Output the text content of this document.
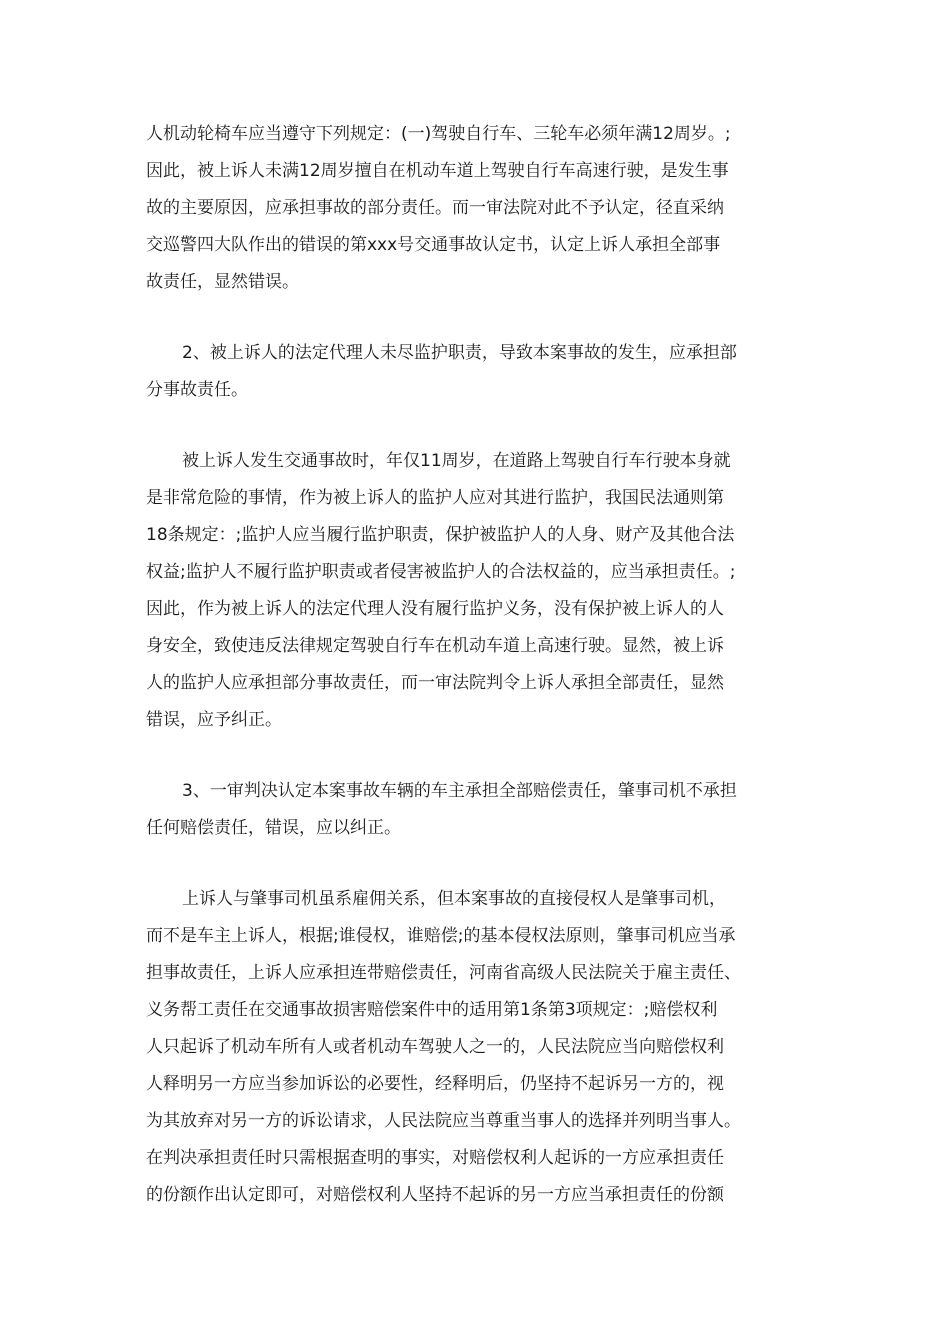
人机动轮椅车应当遵守下列规定：(一)驾驶自行车、三轮车必须年满12周岁。;
因此，被上诉人未满12周岁擅自在机动车道上驾驶自行车高速行驶，是发生事
故的主要原因，应承担事故的部分责任。而一审法院对此不予认定，径直采纳
交巡警四大队作出的错误的第xxx号交通事故认定书，认定上诉人承担全部事
故责任，显然错误。
2、被上诉人的法定代理人未尽监护职责，导致本案事故的发生，应承担部
分事故责任。
被上诉人发生交通事故时，年仅11周岁，在道路上驾驶自行车行驶本身就
是非常危险的事情，作为被上诉人的监护人应对其进行监护，我国民法通则第
18条规定：;监护人应当履行监护职责，保护被监护人的人身、财产及其他合法
权益;监护人不履行监护职责或者侵害被监护人的合法权益的，应当承担责任。;
因此，作为被上诉人的法定代理人没有履行监护义务，没有保护被上诉人的人
身安全，致使违反法律规定驾驶自行车在机动车道上高速行驶。显然，被上诉
人的监护人应承担部分事故责任，而一审法院判令上诉人承担全部责任，显然
错误，应予纠正。
3、一审判决认定本案事故车辆的车主承担全部赔偿责任，肇事司机不承担
任何赔偿责任，错误，应以纠正。
上诉人与肇事司机虽系雇佣关系，但本案事故的直接侵权人是肇事司机，
而不是车主上诉人，根据;谁侵权，谁赔偿;的基本侵权法原则，肇事司机应当承
担事故责任，上诉人应承担连带赔偿责任，河南省高级人民法院关于雇主责任、
义务帮工责任在交通事故损害赔偿案件中的适用第1条第3项规定：;赔偿权利
人只起诉了机动车所有人或者机动车驾驶人之一的，人民法院应当向赔偿权利
人释明另一方应当参加诉讼的必要性，经释明后，仍坚持不起诉另一方的，视
为其放弃对另一方的诉讼请求，人民法院应当尊重当事人的选择并列明当事人。
在判决承担责任时只需根据查明的事实，对赔偿权利人起诉的一方应承担责任
的份额作出认定即可，对赔偿权利人坚持不起诉的另一方应当承担责任的份额
